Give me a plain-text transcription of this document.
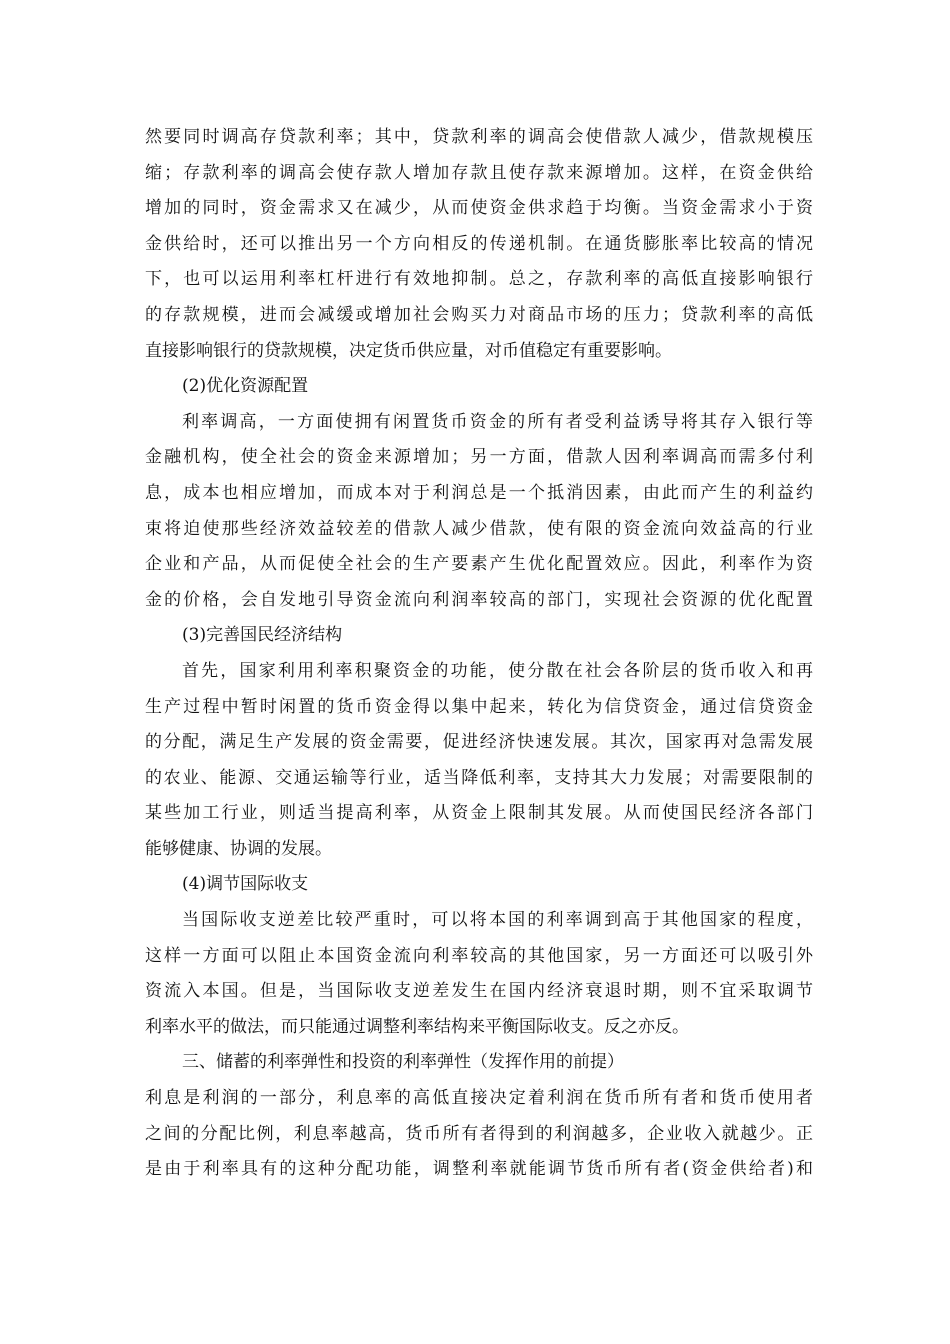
然要同时调高存贷款利率；其中，贷款利率的调高会使借款人减少，借款规模压
缩；存款利率的调高会使存款人增加存款且使存款来源增加。这样，在资金供给
增加的同时，资金需求又在减少，从而使资金供求趋于均衡。当资金需求小于资
金供给时，还可以推出另一个方向相反的传递机制。在通货膨胀率比较高的情况
下，也可以运用利率杠杆进行有效地抑制。总之，存款利率的高低直接影响银行
的存款规模，进而会减缓或增加社会购买力对商品市场的压力；贷款利率的高低
直接影响银行的贷款规模，决定货币供应量，对币值稳定有重要影响。
(2)优化资源配置
利率调高，一方面使拥有闲置货币资金的所有者受利益诱导将其存入银行等
金融机构，使全社会的资金来源增加；另一方面，借款人因利率调高而需多付利
息，成本也相应增加，而成本对于利润总是一个抵消因素，由此而产生的利益约
束将迫使那些经济效益较差的借款人减少借款，使有限的资金流向效益高的行业
企业和产品，从而促使全社会的生产要素产生优化配置效应。因此，利率作为资
金的价格，会自发地引导资金流向利润率较高的部门，实现社会资源的优化配置
(3)完善国民经济结构
首先，国家利用利率积聚资金的功能，使分散在社会各阶层的货币收入和再
生产过程中暂时闲置的货币资金得以集中起来，转化为信贷资金，通过信贷资金
的分配，满足生产发展的资金需要，促进经济快速发展。其次，国家再对急需发展
的农业、能源、交通运输等行业，适当降低利率，支持其大力发展；对需要限制的
某些加工行业，则适当提高利率，从资金上限制其发展。从而使国民经济各部门
能够健康、协调的发展。
(4)调节国际收支
当国际收支逆差比较严重时，可以将本国的利率调到高于其他国家的程度，
这样一方面可以阻止本国资金流向利率较高的其他国家，另一方面还可以吸引外
资流入本国。但是，当国际收支逆差发生在国内经济衰退时期，则不宜采取调节
利率水平的做法，而只能通过调整利率结构来平衡国际收支。反之亦反。
三、储蓄的利率弹性和投资的利率弹性（发挥作用的前提）
利息是利润的一部分，利息率的高低直接决定着利润在货币所有者和货币使用者
之间的分配比例，利息率越高，货币所有者得到的利润越多，企业收入就越少。正
是由于利率具有的这种分配功能，调整利率就能调节货币所有者(资金供给者)和
